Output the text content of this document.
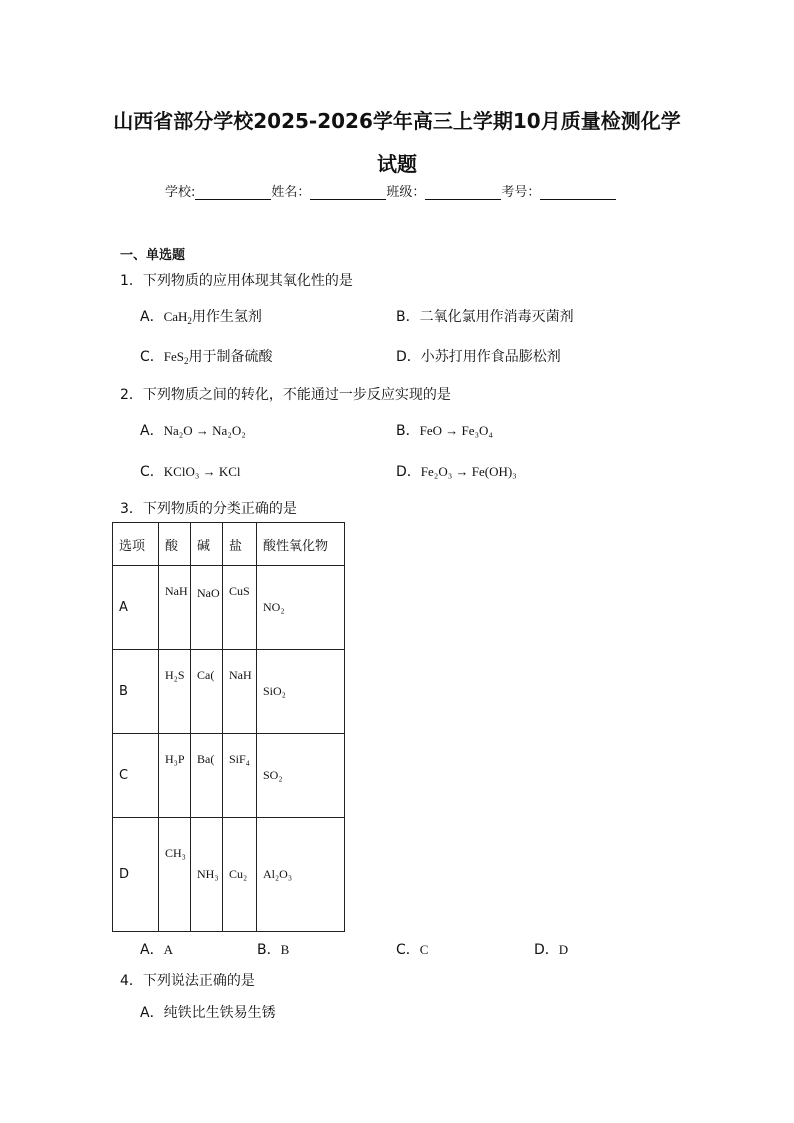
山西省部分学校2025-2026学年高三上学期10月质量检测化学
试题
学校:	姓名：	班级：	考号：
一、单选题
1．下列物质的应用体现其氧化性的是
A．CaH$_2$用作生氢剂	B．二氧化氯用作消毒灭菌剂
C．FeS$_2$用于制备硫酸	D．小苏打用作食品膨松剂
2．下列物质之间的转化，不能通过一步反应实现的是
A．Na₂O → Na₂O₂	B．FeO → Fe₃O₄
C．KClO₃ → KCl	D．Fe₂O₃ → Fe(OH)₃
3．下列物质的分类正确的是
选项	酸	碱	盐	酸性氧化物
A	NaH	NaO	CuS	NO₂
B	H₂S	Ca(	NaH	SiO₂
C	H₃P	Ba(	SiF₄	SO₂
D	CH₃	NH₃	Cu₂	Al₂O₃
A．A	B．B	C．C	D．D
4．下列说法正确的是
A．纯铁比生铁易生锈
